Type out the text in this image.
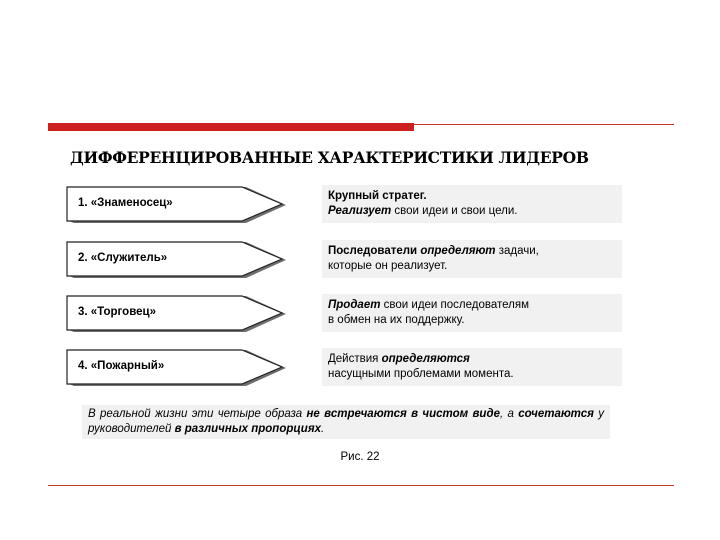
ДИФФЕРЕНЦИРОВАННЫЕ ХАРАКТЕРИСТИКИ ЛИДЕРОВ
1. «Знаменосец»
Крупный стратег.
Реализует свои идеи и свои цели.
2. «Служитель»
Последователи определяют задачи,
которые он реализует.
3. «Торговец»
Продает свои идеи последователям
в обмен на их поддержку.
4. «Пожарный»
Действия определяются
насущными проблемами момента.
В реальной жизни эти четыре образа не встречаются в чистом виде, а сочетаются у руководителей в различных пропорциях.
Рис. 22
